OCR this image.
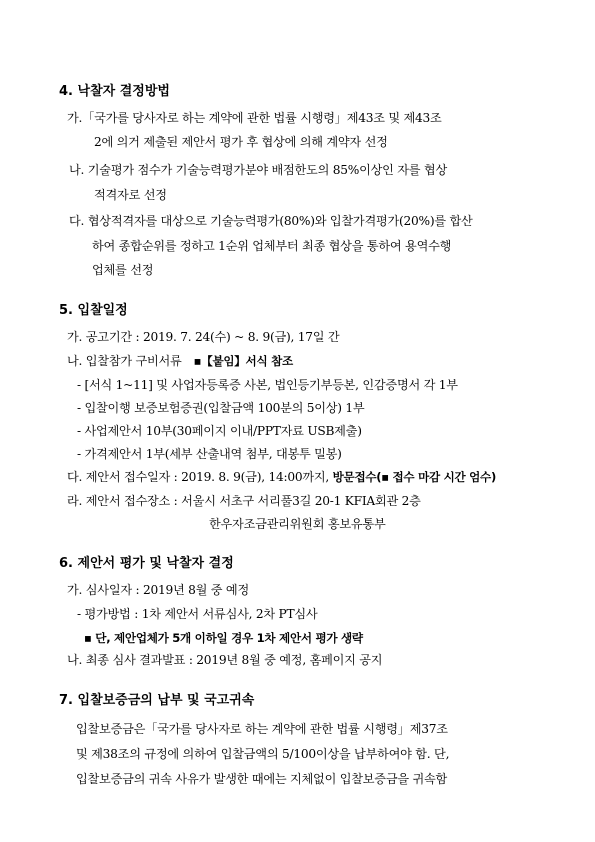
4. 낙찰자 결정방법
가.「국가를 당사자로 하는 계약에 관한 법률 시행령」제43조 및 제43조
2에 의거 제출된 제안서 평가 후 협상에 의해 계약자 선정
나. 기술평가 점수가 기술능력평가분야 배점한도의 85%이상인 자를 협상
적격자로 선정
다. 협상적격자를 대상으로 기술능력평가(80%)와 입찰가격평가(20%)를 합산
하여 종합순위를 정하고 1순위 업체부터 최종 협상을 통하여 용역수행
업체를 선정
5. 입찰일정
가. 공고기간 : 2019. 7. 24(수) ~ 8. 9(금), 17일 간
나. 입찰참가 구비서류 ▪【붙임】서식 참조
- [서식 1~11] 및 사업자등록증 사본, 법인등기부등본, 인감증명서 각 1부
- 입찰이행 보증보험증권(입찰금액 100분의 5이상) 1부
- 사업제안서 10부(30페이지 이내/PPT자료 USB제출)
- 가격제안서 1부(세부 산출내역 첨부, 대봉투 밀봉)
다. 제안서 접수일자 : 2019. 8. 9(금), 14:00까지, 방문접수(▪ 접수 마감 시간 엄수)
라. 제안서 접수장소 : 서울시 서초구 서리풀3길 20-1 KFIA회관 2층
한우자조금관리위원회 홍보유통부
6. 제안서 평가 및 낙찰자 결정
가. 심사일자 : 2019년 8월 중 예정
- 평가방법 : 1차 제안서 서류심사, 2차 PT심사
▪ 단, 제안업체가 5개 이하일 경우 1차 제안서 평가 생략
나. 최종 심사 결과발표 : 2019년 8월 중 예정, 홈페이지 공지
7. 입찰보증금의 납부 및 국고귀속
입찰보증금은「국가를 당사자로 하는 계약에 관한 법률 시행령」제37조
및 제38조의 규정에 의하여 입찰금액의 5/100이상을 납부하여야 함. 단,
입찰보증금의 귀속 사유가 발생한 때에는 지체없이 입찰보증금을 귀속함
